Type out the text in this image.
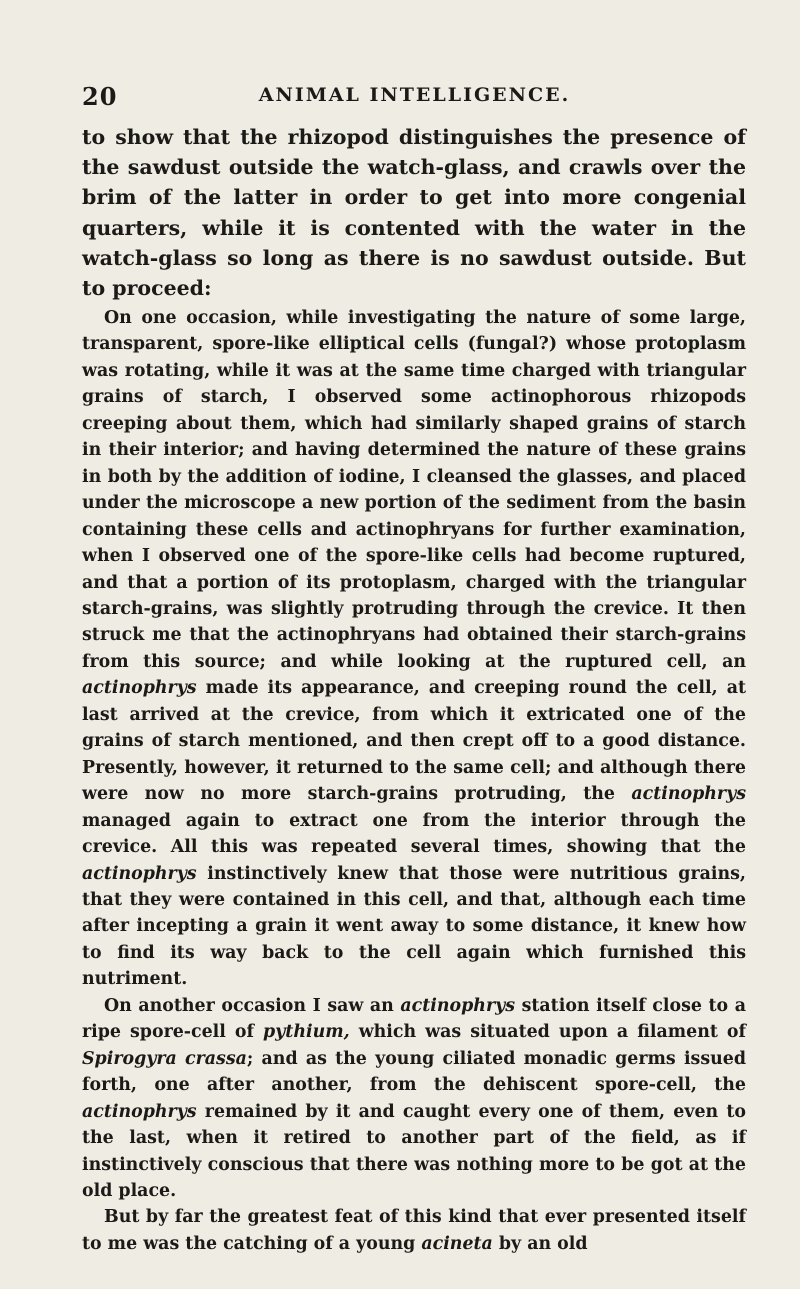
20	ANIMAL INTELLIGENCE.

to show that the rhizopod distinguishes the presence of the sawdust outside the watch-glass, and crawls over the brim of the latter in order to get into more congenial quarters, while it is contented with the water in the watch-glass so long as there is no sawdust outside. But to proceed:

On one occasion, while investigating the nature of some large, transparent, spore-like elliptical cells (fungal?) whose protoplasm was rotating, while it was at the same time charged with triangular grains of starch, I observed some actinophorous rhizopods creeping about them, which had similarly shaped grains of starch in their interior; and having determined the nature of these grains in both by the addition of iodine, I cleansed the glasses, and placed under the microscope a new portion of the sediment from the basin containing these cells and actinophryans for further examination, when I observed one of the spore-like cells had become ruptured, and that a portion of its protoplasm, charged with the triangular starch-grains, was slightly protruding through the crevice. It then struck me that the actinophryans had obtained their starch-grains from this source; and while looking at the ruptured cell, an actinophrys made its appearance, and creeping round the cell, at last arrived at the crevice, from which it extricated one of the grains of starch mentioned, and then crept off to a good distance. Presently, however, it returned to the same cell; and although there were now no more starch-grains protruding, the actinophrys managed again to extract one from the interior through the crevice. All this was repeated several times, showing that the actinophrys instinctively knew that those were nutritious grains, that they were contained in this cell, and that, although each time after incepting a grain it went away to some distance, it knew how to find its way back to the cell again which furnished this nutriment.

On another occasion I saw an actinophrys station itself close to a ripe spore-cell of pythium, which was situated upon a filament of Spirogyra crassa; and as the young ciliated monadic germs issued forth, one after another, from the dehiscent spore-cell, the actinophrys remained by it and caught every one of them, even to the last, when it retired to another part of the field, as if instinctively conscious that there was nothing more to be got at the old place.

But by far the greatest feat of this kind that ever presented itself to me was the catching of a young acineta by an old
